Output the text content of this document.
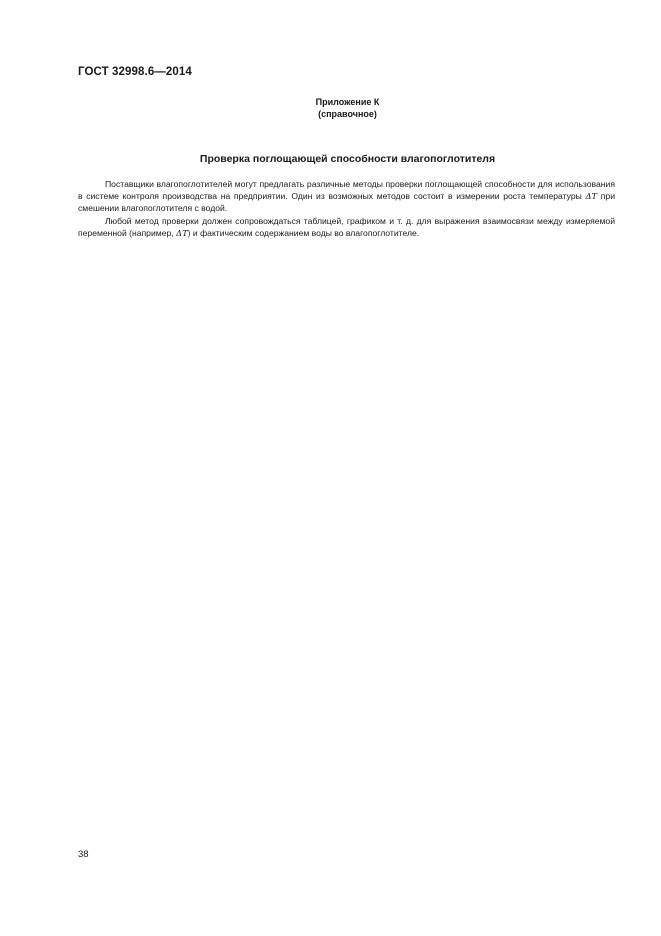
ГОСТ 32998.6—2014
Приложение К
(справочное)
Проверка поглощающей способности влагопоглотителя

Поставщики влагопоглотителей могут предлагать различные методы проверки поглощающей способности для использования в системе контроля производства на предприятии. Один из возможных методов состоит в измерении роста температуры ΔT при смешении влагопоглотителя с водой.

Любой метод проверки должен сопровождаться таблицей, графиком и т. д. для выражения взаимосвязи между измеряемой переменной (например, ΔT) и фактическим содержанием воды во влагопоглотителе.

38
